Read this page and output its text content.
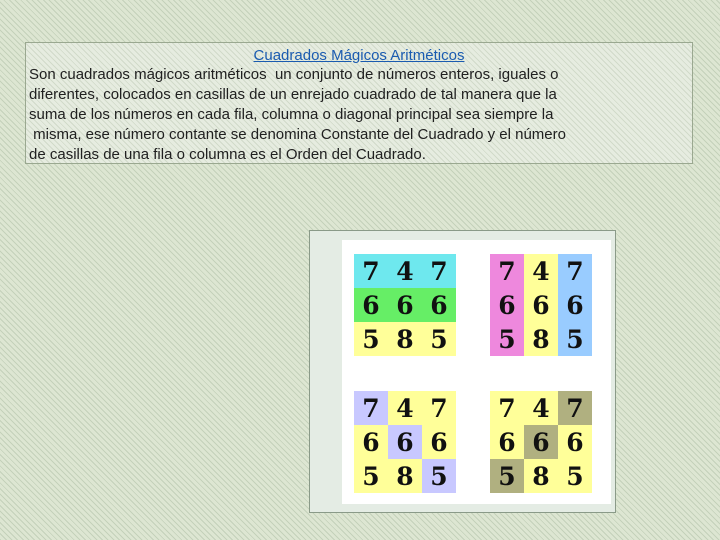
Cuadrados Mágicos Aritméticos

Son cuadrados mágicos aritméticos  un conjunto de números enteros, iguales o

diferentes, colocados en casillas de un enrejado cuadrado de tal manera que la

suma de los números en cada fila, columna o diagonal principal sea siempre la

misma, ese número contante se denomina Constante del Cuadrado y el número

de casillas de una fila o columna es el Orden del Cuadrado.

7 4 7
6 6 6
5 8 5
7 4 7
6 6 6
5 8 5
7 4 7
6 6 6
5 8 5
7 4 7
6 6 6
5 8 5
